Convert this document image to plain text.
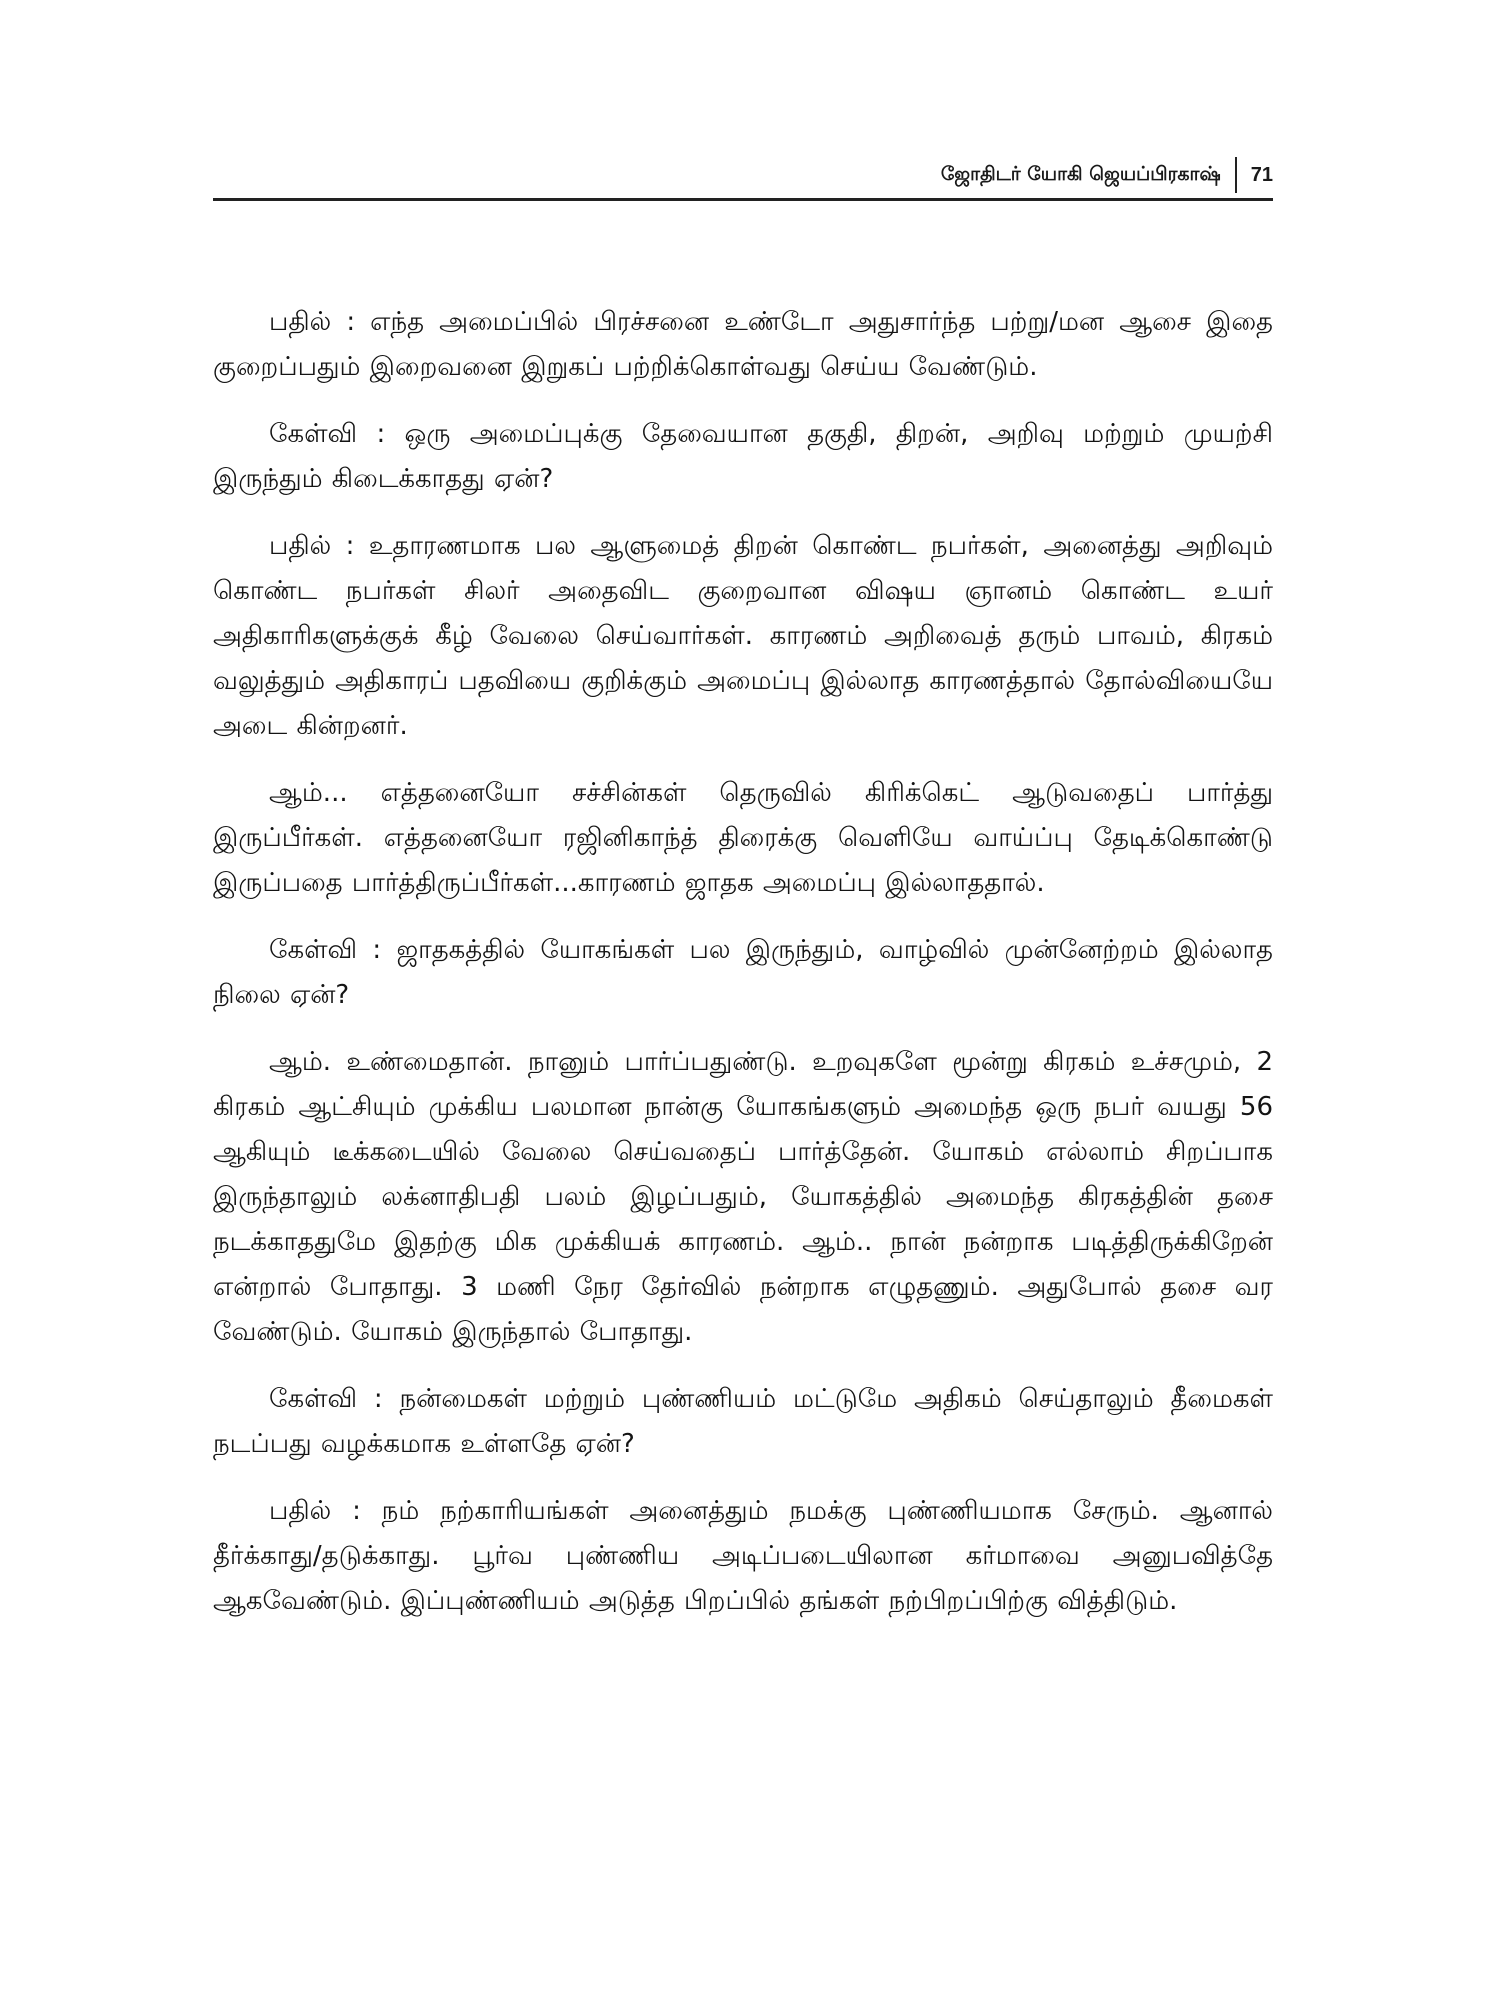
ஜோதிடர் யோகி ஜெயப்பிரகாஷ்	71

பதில் : எந்த அமைப்பில் பிரச்சனை உண்டோ அதுசார்ந்த பற்று/மன ஆசை இதை குறைப்பதும் இறைவனை இறுகப் பற்றிக்கொள்வது செய்ய வேண்டும்.

கேள்வி : ஒரு அமைப்புக்கு தேவையான தகுதி, திறன், அறிவு மற்றும் முயற்சி இருந்தும் கிடைக்காதது ஏன்?

பதில் : உதாரணமாக பல ஆளுமைத் திறன் கொண்ட நபர்கள், அனைத்து அறிவும் கொண்ட நபர்கள் சிலர் அதைவிட குறைவான விஷய ஞானம் கொண்ட உயர் அதிகாரிகளுக்குக் கீழ் வேலை செய்வார்கள். காரணம் அறிவைத் தரும் பாவம், கிரகம் வலுத்தும் அதிகாரப் பதவியை குறிக்கும் அமைப்பு இல்லாத காரணத்தால் தோல்வியையே அடை கின்றனர்.

ஆம்... எத்தனையோ சச்சின்கள் தெருவில் கிரிக்கெட் ஆடுவதைப் பார்த்து இருப்பீர்கள். எத்தனையோ ரஜினிகாந்த் திரைக்கு வெளியே வாய்ப்பு தேடிக்கொண்டு இருப்பதை பார்த்திருப்பீர்கள்...காரணம் ஜாதக அமைப்பு இல்லாததால்.

கேள்வி : ஜாதகத்தில் யோகங்கள் பல இருந்தும், வாழ்வில் முன்னேற்றம் இல்லாத நிலை ஏன்?

ஆம். உண்மைதான். நானும் பார்ப்பதுண்டு. உறவுகளே மூன்று கிரகம் உச்சமும், 2 கிரகம் ஆட்சியும் முக்கிய பலமான நான்கு யோகங்களும் அமைந்த ஒரு நபர் வயது 56 ஆகியும் டீக்கடையில் வேலை செய்வதைப் பார்த்தேன். யோகம் எல்லாம் சிறப்பாக இருந்தாலும் லக்னாதிபதி பலம் இழப்பதும், யோகத்தில் அமைந்த கிரகத்தின் தசை நடக்காததுமே இதற்கு மிக முக்கியக் காரணம். ஆம்.. நான் நன்றாக படித்திருக்கிறேன் என்றால் போதாது. 3 மணி நேர தேர்வில் நன்றாக எழுதணும். அதுபோல் தசை வர வேண்டும். யோகம் இருந்தால் போதாது.

கேள்வி : நன்மைகள் மற்றும் புண்ணியம் மட்டுமே அதிகம் செய்தாலும் தீமைகள் நடப்பது வழக்கமாக உள்ளதே ஏன்?

பதில் : நம் நற்காரியங்கள் அனைத்தும் நமக்கு புண்ணியமாக சேரும். ஆனால் தீர்க்காது/தடுக்காது. பூர்வ புண்ணிய அடிப்படையிலான கர்மாவை அனுபவித்தே ஆகவேண்டும். இப்புண்ணியம் அடுத்த பிறப்பில் தங்கள் நற்பிறப்பிற்கு வித்திடும்.
